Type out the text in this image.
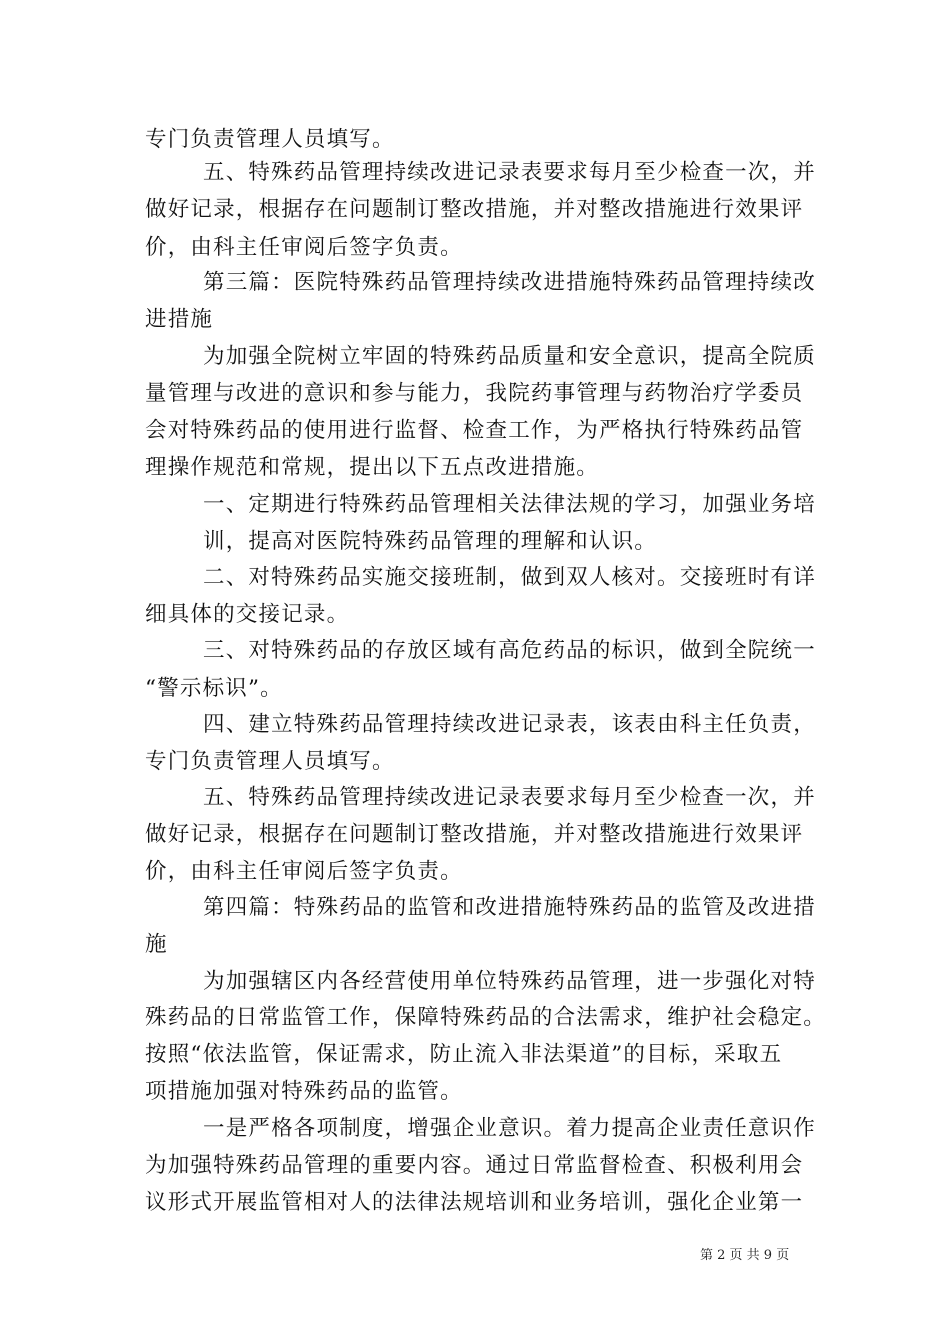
专门负责管理人员填写。
五、特殊药品管理持续改进记录表要求每月至少检查一次，并
做好记录，根据存在问题制订整改措施，并对整改措施进行效果评
价，由科主任审阅后签字负责。
第三篇：医院特殊药品管理持续改进措施特殊药品管理持续改
进措施
为加强全院树立牢固的特殊药品质量和安全意识，提高全院质
量管理与改进的意识和参与能力，我院药事管理与药物治疗学委员
会对特殊药品的使用进行监督、检查工作，为严格执行特殊药品管
理操作规范和常规，提出以下五点改进措施。
一、定期进行特殊药品管理相关法律法规的学习，加强业务培
训，提高对医院特殊药品管理的理解和认识。
二、对特殊药品实施交接班制，做到双人核对。交接班时有详
细具体的交接记录。
三、对特殊药品的存放区域有高危药品的标识，做到全院统一
“警示标识”。
四、建立特殊药品管理持续改进记录表，该表由科主任负责，
专门负责管理人员填写。
五、特殊药品管理持续改进记录表要求每月至少检查一次，并
做好记录，根据存在问题制订整改措施，并对整改措施进行效果评
价，由科主任审阅后签字负责。
第四篇：特殊药品的监管和改进措施特殊药品的监管及改进措
施
为加强辖区内各经营使用单位特殊药品管理，进一步强化对特
殊药品的日常监管工作，保障特殊药品的合法需求，维护社会稳定。
按照“依法监管，保证需求，防止流入非法渠道”的目标，采取五
项措施加强对特殊药品的监管。
一是严格各项制度，增强企业意识。着力提高企业责任意识作
为加强特殊药品管理的重要内容。通过日常监督检查、积极利用会
议形式开展监管相对人的法律法规培训和业务培训，强化企业第一
第 2 页 共 9 页
